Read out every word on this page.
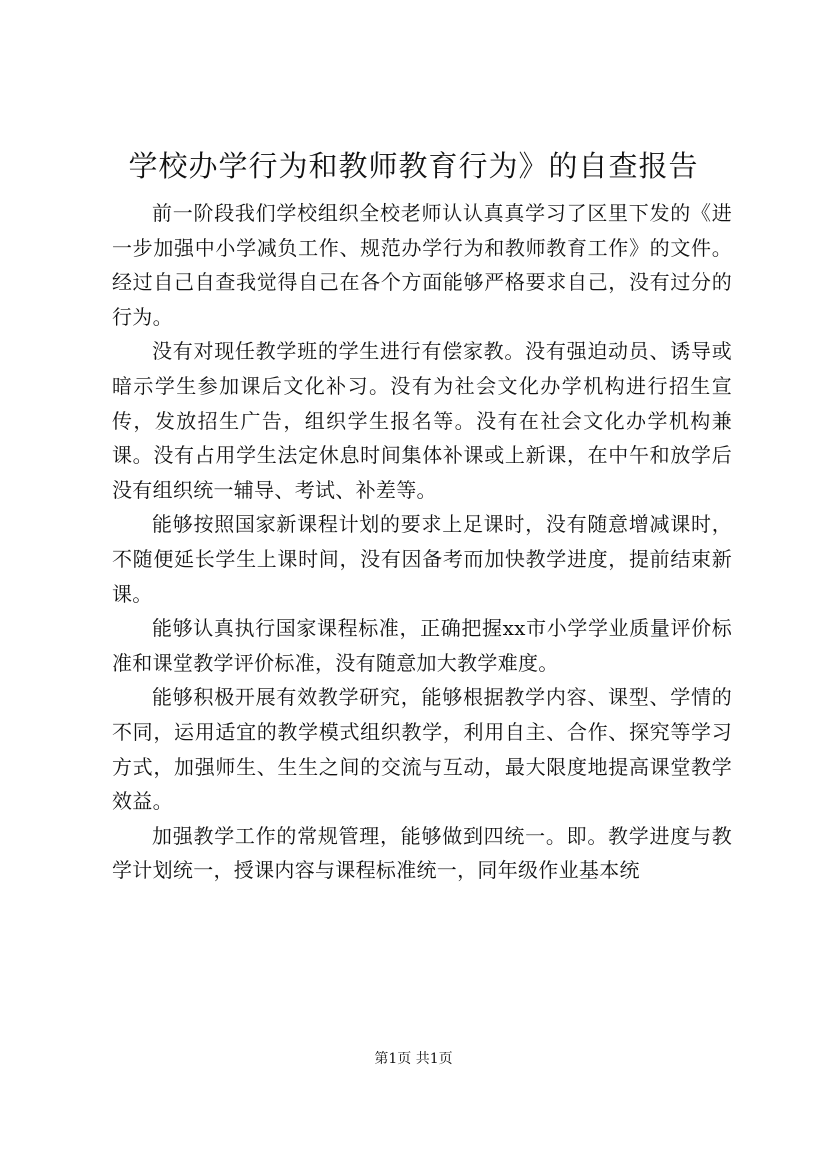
学校办学行为和教师教育行为》的自查报告

前一阶段我们学校组织全校老师认认真真学习了区里下发的《进一步加强中小学减负工作、规范办学行为和教师教育工作》的文件。经过自己自查我觉得自己在各个方面能够严格要求自己，没有过分的行为。

没有对现任教学班的学生进行有偿家教。没有强迫动员、诱导或暗示学生参加课后文化补习。没有为社会文化办学机构进行招生宣传，发放招生广告，组织学生报名等。没有在社会文化办学机构兼课。没有占用学生法定休息时间集体补课或上新课，在中午和放学后没有组织统一辅导、考试、补差等。

能够按照国家新课程计划的要求上足课时，没有随意增减课时，不随便延长学生上课时间，没有因备考而加快教学进度，提前结束新课。

能够认真执行国家课程标准，正确把握xx市小学学业质量评价标准和课堂教学评价标准，没有随意加大教学难度。

能够积极开展有效教学研究，能够根据教学内容、课型、学情的不同，运用适宜的教学模式组织教学，利用自主、合作、探究等学习方式，加强师生、生生之间的交流与互动，最大限度地提高课堂教学效益。

加强教学工作的常规管理，能够做到四统一。即。教学进度与教学计划统一，授课内容与课程标准统一，同年级作业基本统

第1页 共1页
